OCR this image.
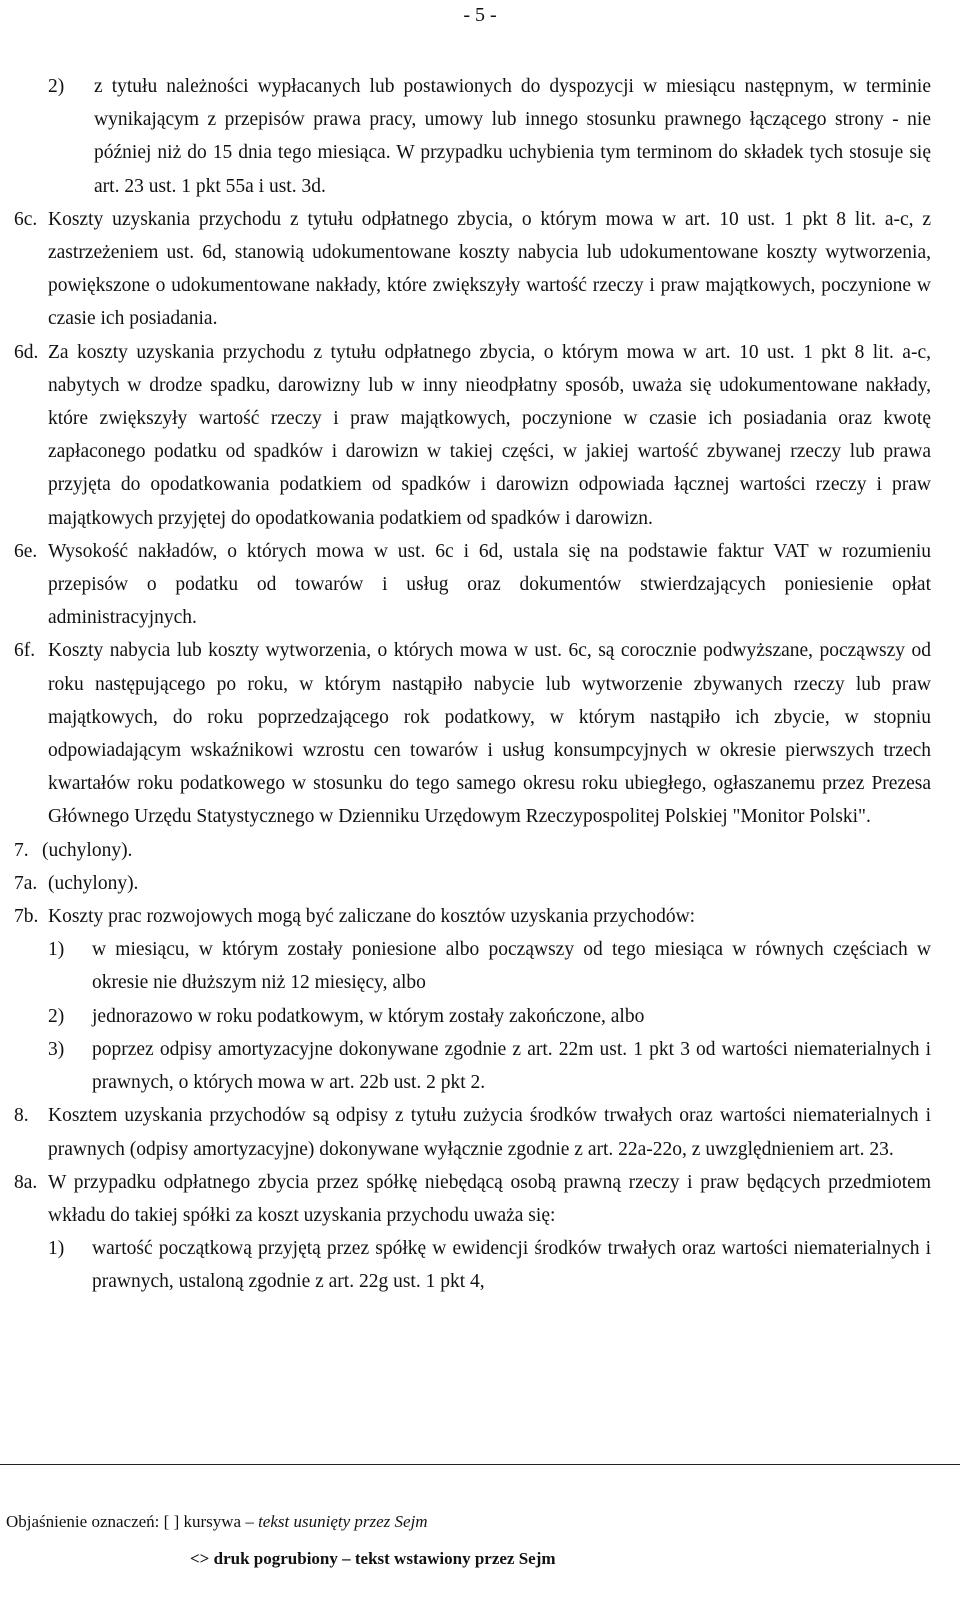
- 5 -

2) z tytułu należności wypłacanych lub postawionych do dyspozycji w miesiącu następnym, w terminie wynikającym z przepisów prawa pracy, umowy lub innego stosunku prawnego łączącego strony - nie później niż do 15 dnia tego miesiąca. W przypadku uchybienia tym terminom do składek tych stosuje się art. 23 ust. 1 pkt 55a i ust. 3d.

6c. Koszty uzyskania przychodu z tytułu odpłatnego zbycia, o którym mowa w art. 10 ust. 1 pkt 8 lit. a-c, z zastrzeżeniem ust. 6d, stanowią udokumentowane koszty nabycia lub udokumentowane koszty wytworzenia, powiększone o udokumentowane nakłady, które zwiększyły wartość rzeczy i praw majątkowych, poczynione w czasie ich posiadania.

6d. Za koszty uzyskania przychodu z tytułu odpłatnego zbycia, o którym mowa w art. 10 ust. 1 pkt 8 lit. a-c, nabytych w drodze spadku, darowizny lub w inny nieodpłatny sposób, uważa się udokumentowane nakłady, które zwiększyły wartość rzeczy i praw majątkowych, poczynione w czasie ich posiadania oraz kwotę zapłaconego podatku od spadków i darowizn w takiej części, w jakiej wartość zbywanej rzeczy lub prawa przyjęta do opodatkowania podatkiem od spadków i darowizn odpowiada łącznej wartości rzeczy i praw majątkowych przyjętej do opodatkowania podatkiem od spadków i darowizn.

6e. Wysokość nakładów, o których mowa w ust. 6c i 6d, ustala się na podstawie faktur VAT w rozumieniu przepisów o podatku od towarów i usług oraz dokumentów stwierdzających poniesienie opłat administracyjnych.

6f. Koszty nabycia lub koszty wytworzenia, o których mowa w ust. 6c, są corocznie podwyższane, począwszy od roku następującego po roku, w którym nastąpiło nabycie lub wytworzenie zbywanych rzeczy lub praw majątkowych, do roku poprzedzającego rok podatkowy, w którym nastąpiło ich zbycie, w stopniu odpowiadającym wskaźnikowi wzrostu cen towarów i usług konsumpcyjnych w okresie pierwszych trzech kwartałów roku podatkowego w stosunku do tego samego okresu roku ubiegłego, ogłaszanemu przez Prezesa Głównego Urzędu Statystycznego w Dzienniku Urzędowym Rzeczypospolitej Polskiej "Monitor Polski".

7. (uchylony).

7a. (uchylony).

7b. Koszty prac rozwojowych mogą być zaliczane do kosztów uzyskania przychodów:

1) w miesiącu, w którym zostały poniesione albo począwszy od tego miesiąca w równych częściach w okresie nie dłuższym niż 12 miesięcy, albo

2) jednorazowo w roku podatkowym, w którym zostały zakończone, albo

3) poprzez odpisy amortyzacyjne dokonywane zgodnie z art. 22m ust. 1 pkt 3 od wartości niematerialnych i prawnych, o których mowa w art. 22b ust. 2 pkt 2.

8. Kosztem uzyskania przychodów są odpisy z tytułu zużycia środków trwałych oraz wartości niematerialnych i prawnych (odpisy amortyzacyjne) dokonywane wyłącznie zgodnie z art. 22a-22o, z uwzględnieniem art. 23.

8a. W przypadku odpłatnego zbycia przez spółkę niebędącą osobą prawną rzeczy i praw będących przedmiotem wkładu do takiej spółki za koszt uzyskania przychodu uważa się:

1) wartość początkową przyjętą przez spółkę w ewidencji środków trwałych oraz wartości niematerialnych i prawnych, ustaloną zgodnie z art. 22g ust. 1 pkt 4,

Objaśnienie oznaczeń: [ ] kursywa – tekst usunięty przez Sejm
<> druk pogrubiony – tekst wstawiony przez Sejm
